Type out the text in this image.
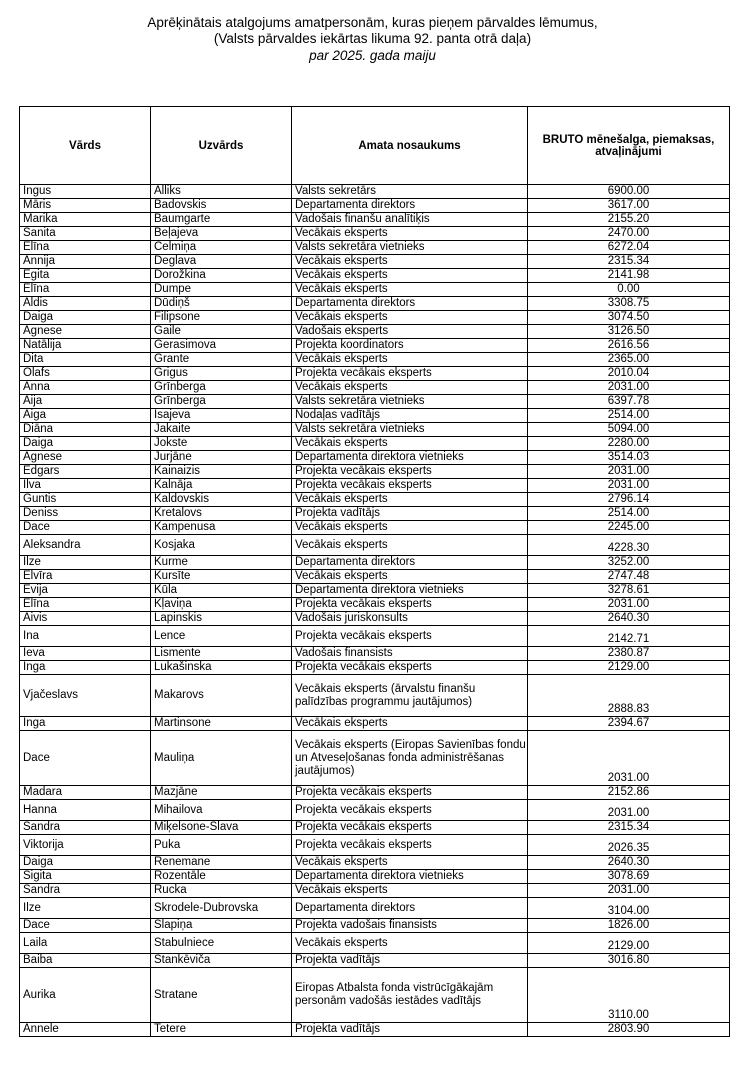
Aprēķinātais atalgojums amatpersonām, kuras pieņem pārvaldes lēmumus,
(Valsts pārvaldes iekārtas likuma 92. panta otrā daļa)
par 2025. gada maiju
Vārds	Uzvārds	Amata nosaukums	BRUTO mēnešalga, piemaksas, atvaļinājumi
Ingus	Alliks	Valsts sekretārs	6900.00
Māris	Badovskis	Departamenta direktors	3617.00
Marika	Baumgarte	Vadošais finanšu analītiķis	2155.20
Sanita	Beļajeva	Vecākais eksperts	2470.00
Elīna	Celmiņa	Valsts sekretāra vietnieks	6272.04
Annija	Deglava	Vecākais eksperts	2315.34
Egita	Dorožkina	Vecākais eksperts	2141.98
Elīna	Dumpe	Vecākais eksperts	0.00
Aldis	Dūdiņš	Departamenta direktors	3308.75
Daiga	Filipsone	Vecākais eksperts	3074.50
Agnese	Gaile	Vadošais eksperts	3126.50
Natālija	Gerasimova	Projekta koordinators	2616.56
Dita	Grante	Vecākais eksperts	2365.00
Olafs	Grigus	Projekta vecākais eksperts	2010.04
Anna	Grīnberga	Vecākais eksperts	2031.00
Aija	Grīnberga	Valsts sekretāra vietnieks	6397.78
Aiga	Isajeva	Nodaļas vadītājs	2514.00
Diāna	Jakaite	Valsts sekretāra vietnieks	5094.00
Daiga	Jokste	Vecākais eksperts	2280.00
Agnese	Jurjāne	Departamenta direktora vietnieks	3514.03
Edgars	Kainaizis	Projekta vecākais eksperts	2031.00
Ilva	Kalnāja	Projekta vecākais eksperts	2031.00
Guntis	Kaldovskis	Vecākais eksperts	2796.14
Deniss	Kretalovs	Projekta vadītājs	2514.00
Dace	Kampenusa	Vecākais eksperts	2245.00
Aleksandra	Kosjaka	Vecākais eksperts	4228.30
Ilze	Kurme	Departamenta direktors	3252.00
Elvīra	Kursīte	Vecākais eksperts	2747.48
Evija	Kūla	Departamenta direktora vietnieks	3278.61
Elīna	Kļaviņa	Projekta vecākais eksperts	2031.00
Aivis	Lapinskis	Vadošais juriskonsults	2640.30
Ina	Lence	Projekta vecākais eksperts	2142.71
Ieva	Lismente	Vadošais finansists	2380.87
Inga	Lukašinska	Projekta vecākais eksperts	2129.00
Vjačeslavs	Makarovs	Vecākais eksperts (ārvalstu finanšu palīdzības programmu jautājumos)	2888.83
Inga	Martinsone	Vecākais eksperts	2394.67
Dace	Mauliņa	Vecākais eksperts (Eiropas Savienības fondu un Atveseļošanas fonda administrēšanas jautājumos)	2031.00
Madara	Mazjāne	Projekta vecākais eksperts	2152.86
Hanna	Mihailova	Projekta vecākais eksperts	2031.00
Sandra	Miķelsone-Slava	Projekta vecākais eksperts	2315.34
Viktorija	Puka	Projekta vecākais eksperts	2026.35
Daiga	Renemane	Vecākais eksperts	2640.30
Sigita	Rozentāle	Departamenta direktora vietnieks	3078.69
Sandra	Rucka	Vecākais eksperts	2031.00
Ilze	Skrodele-Dubrovska	Departamenta direktors	3104.00
Dace	Slapiņa	Projekta vadošais finansists	1826.00
Laila	Stabulniece	Vecākais eksperts	2129.00
Baiba	Stankēviča	Projekta vadītājs	3016.80
Aurika	Stratane	Eiropas Atbalsta fonda vistrūcīgākajām personām vadošās iestādes vadītājs	3110.00
Annele	Tetere	Projekta vadītājs	2803.90
